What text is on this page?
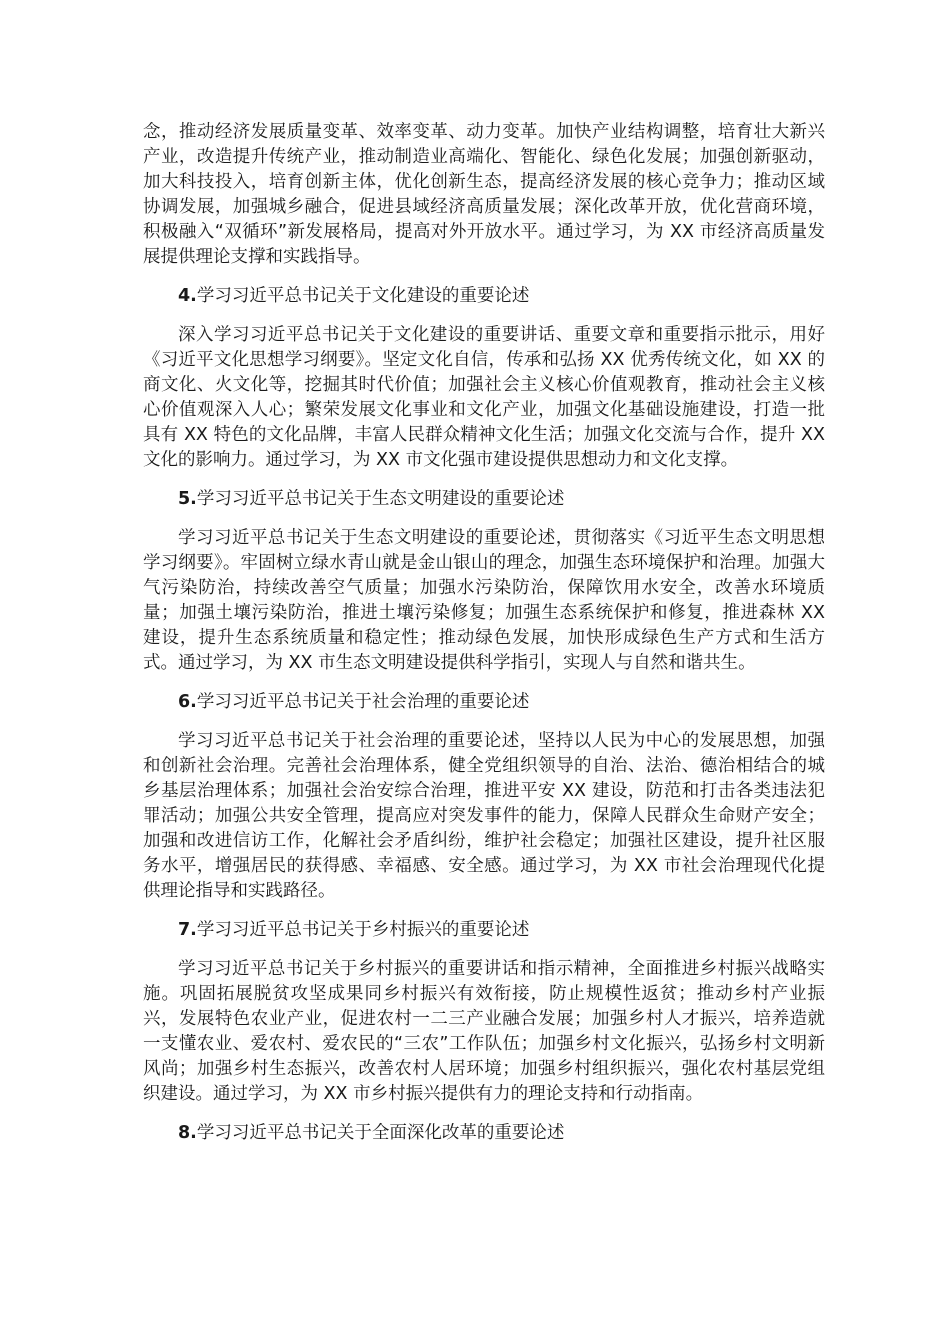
念，推动经济发展质量变革、效率变革、动力变革。加快产业结构调整，培育壮大新兴产业，改造提升传统产业，推动制造业高端化、智能化、绿色化发展；加强创新驱动，加大科技投入，培育创新主体，优化创新生态，提高经济发展的核心竞争力；推动区域协调发展，加强城乡融合，促进县域经济高质量发展；深化改革开放，优化营商环境，积极融入“双循环”新发展格局，提高对外开放水平。通过学习，为 XX 市经济高质量发展提供理论支撑和实践指导。

4.学习习近平总书记关于文化建设的重要论述

深入学习习近平总书记关于文化建设的重要讲话、重要文章和重要指示批示，用好《习近平文化思想学习纲要》。坚定文化自信，传承和弘扬 XX 优秀传统文化，如 XX 的商文化、火文化等，挖掘其时代价值；加强社会主义核心价值观教育，推动社会主义核心价值观深入人心；繁荣发展文化事业和文化产业，加强文化基础设施建设，打造一批具有 XX 特色的文化品牌，丰富人民群众精神文化生活；加强文化交流与合作，提升 XX 文化的影响力。通过学习，为 XX 市文化强市建设提供思想动力和文化支撑。

5.学习习近平总书记关于生态文明建设的重要论述

学习习近平总书记关于生态文明建设的重要论述，贯彻落实《习近平生态文明思想学习纲要》。牢固树立绿水青山就是金山银山的理念，加强生态环境保护和治理。加强大气污染防治，持续改善空气质量；加强水污染防治，保障饮用水安全，改善水环境质量；加强土壤污染防治，推进土壤污染修复；加强生态系统保护和修复，推进森林 XX 建设，提升生态系统质量和稳定性；推动绿色发展，加快形成绿色生产方式和生活方式。通过学习，为 XX 市生态文明建设提供科学指引，实现人与自然和谐共生。

6.学习习近平总书记关于社会治理的重要论述

学习习近平总书记关于社会治理的重要论述，坚持以人民为中心的发展思想，加强和创新社会治理。完善社会治理体系，健全党组织领导的自治、法治、德治相结合的城乡基层治理体系；加强社会治安综合治理，推进平安 XX 建设，防范和打击各类违法犯罪活动；加强公共安全管理，提高应对突发事件的能力，保障人民群众生命财产安全；加强和改进信访工作，化解社会矛盾纠纷，维护社会稳定；加强社区建设，提升社区服务水平，增强居民的获得感、幸福感、安全感。通过学习，为 XX 市社会治理现代化提供理论指导和实践路径。

7.学习习近平总书记关于乡村振兴的重要论述

学习习近平总书记关于乡村振兴的重要讲话和指示精神，全面推进乡村振兴战略实施。巩固拓展脱贫攻坚成果同乡村振兴有效衔接，防止规模性返贫；推动乡村产业振兴，发展特色农业产业，促进农村一二三产业融合发展；加强乡村人才振兴，培养造就一支懂农业、爱农村、爱农民的“三农”工作队伍；加强乡村文化振兴，弘扬乡村文明新风尚；加强乡村生态振兴，改善农村人居环境；加强乡村组织振兴，强化农村基层党组织建设。通过学习，为 XX 市乡村振兴提供有力的理论支持和行动指南。

8.学习习近平总书记关于全面深化改革的重要论述
